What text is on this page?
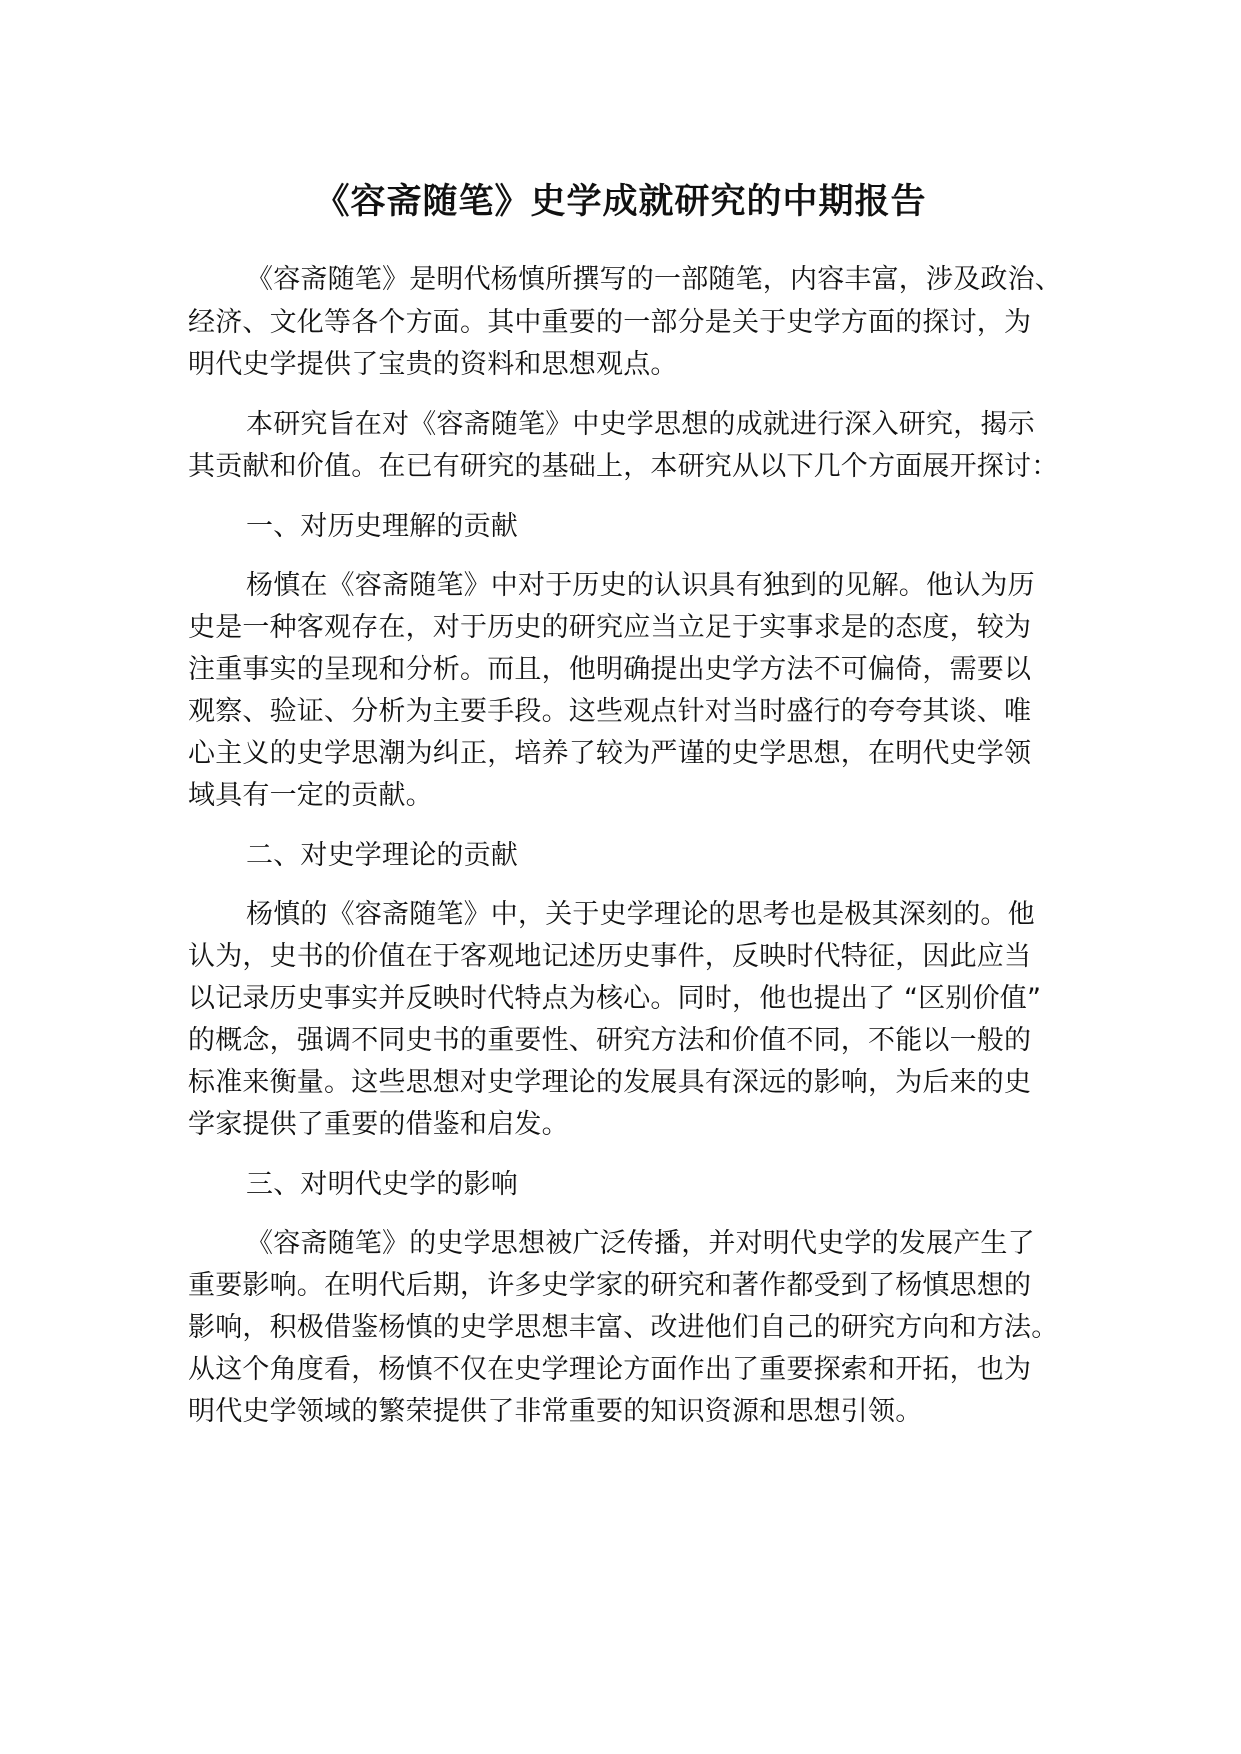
《容斋随笔》史学成就研究的中期报告

《容斋随笔》是明代杨慎所撰写的一部随笔，内容丰富，涉及政治、

经济、文化等各个方面。其中重要的一部分是关于史学方面的探讨，为

明代史学提供了宝贵的资料和思想观点。

本研究旨在对《容斋随笔》中史学思想的成就进行深入研究，揭示

其贡献和价值。在已有研究的基础上，本研究从以下几个方面展开探讨：

一、对历史理解的贡献

杨慎在《容斋随笔》中对于历史的认识具有独到的见解。他认为历

史是一种客观存在，对于历史的研究应当立足于实事求是的态度，较为

注重事实的呈现和分析。而且，他明确提出史学方法不可偏倚，需要以

观察、验证、分析为主要手段。这些观点针对当时盛行的夸夸其谈、唯

心主义的史学思潮为纠正，培养了较为严谨的史学思想，在明代史学领

域具有一定的贡献。

二、对史学理论的贡献

杨慎的《容斋随笔》中，关于史学理论的思考也是极其深刻的。他

认为，史书的价值在于客观地记述历史事件，反映时代特征，因此应当

以记录历史事实并反映时代特点为核心。同时，他也提出了 “区别价值”

的概念，强调不同史书的重要性、研究方法和价值不同，不能以一般的

标准来衡量。这些思想对史学理论的发展具有深远的影响，为后来的史

学家提供了重要的借鉴和启发。

三、对明代史学的影响

《容斋随笔》的史学思想被广泛传播，并对明代史学的发展产生了

重要影响。在明代后期，许多史学家的研究和著作都受到了杨慎思想的

影响，积极借鉴杨慎的史学思想丰富、改进他们自己的研究方向和方法。

从这个角度看，杨慎不仅在史学理论方面作出了重要探索和开拓，也为

明代史学领域的繁荣提供了非常重要的知识资源和思想引领。
